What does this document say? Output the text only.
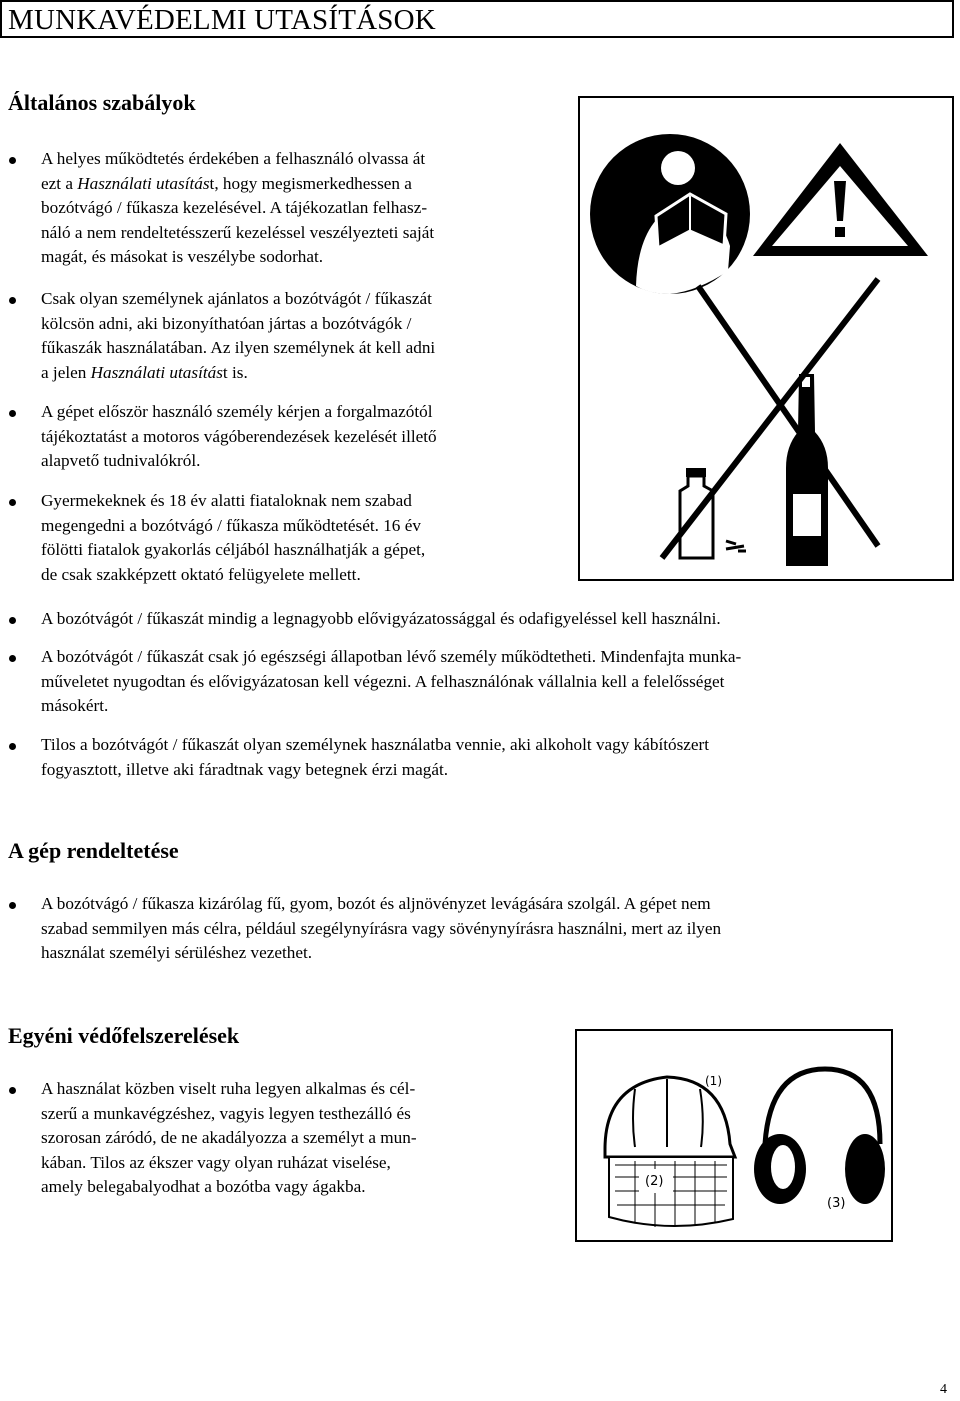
MUNKAVÉDELMI UTASÍTÁSOK
Általános szabályok
A helyes működtetés érdekében a felhasználó olvassa át
ezt a Használati utasítást, hogy megismerkedhessen a
bozótvágó / fűkasza kezelésével. A tájékozatlan felhasz-
náló a nem rendeltetésszerű kezeléssel veszélyezteti saját
magát, és másokat is veszélybe sodorhat.
Csak olyan személynek ajánlatos a bozótvágót / fűkaszát
kölcsön adni, aki bizonyíthatóan jártas a bozótvágók /
fűkaszák használatában. Az ilyen személynek át kell adni
a jelen Használati utasítást is.
A gépet először használó személy kérjen a forgalmazótól
tájékoztatást a motoros vágóberendezések kezelését illető
alapvető tudnivalókról.
Gyermekeknek és 18 év alatti fiataloknak nem szabad
megengedni a bozótvágó / fűkasza működtetését. 16 év
fölötti fiatalok gyakorlás céljából használhatják a gépet,
de csak szakképzett oktató felügyelete mellett.
A bozótvágót / fűkaszát mindig a legnagyobb elővigyázatossággal és odafigyeléssel kell használni.
A bozótvágót / fűkaszát csak jó egészségi állapotban lévő személy működtetheti. Mindenfajta munka-
műveletet nyugodtan és elővigyázatosan kell végezni. A felhasználónak vállalnia kell a felelősséget
másokért.
Tilos a bozótvágót / fűkaszát olyan személynek használatba vennie, aki alkoholt vagy kábítószert
fogyasztott, illetve aki fáradtnak vagy betegnek érzi magát.
A gép rendeltetése
A bozótvágó / fűkasza kizárólag fű, gyom, bozót és aljnövényzet levágására szolgál. A gépet nem
szabad semmilyen más célra, például szegélynyírásra vagy sövénynyírásra használni, mert az ilyen
használat személyi sérüléshez vezethet.
Egyéni védőfelszerelések
A használat közben viselt ruha legyen alkalmas és cél-
szerű a munkavégzéshez, vagyis legyen testhezálló és
szorosan záródó, de ne akadályozza a személyt a mun-
kában. Tilos az ékszer vagy olyan ruházat viselése,
amely belegabalyodhat a bozótba vagy ágakba.	(2)
(1)
(3)
4
